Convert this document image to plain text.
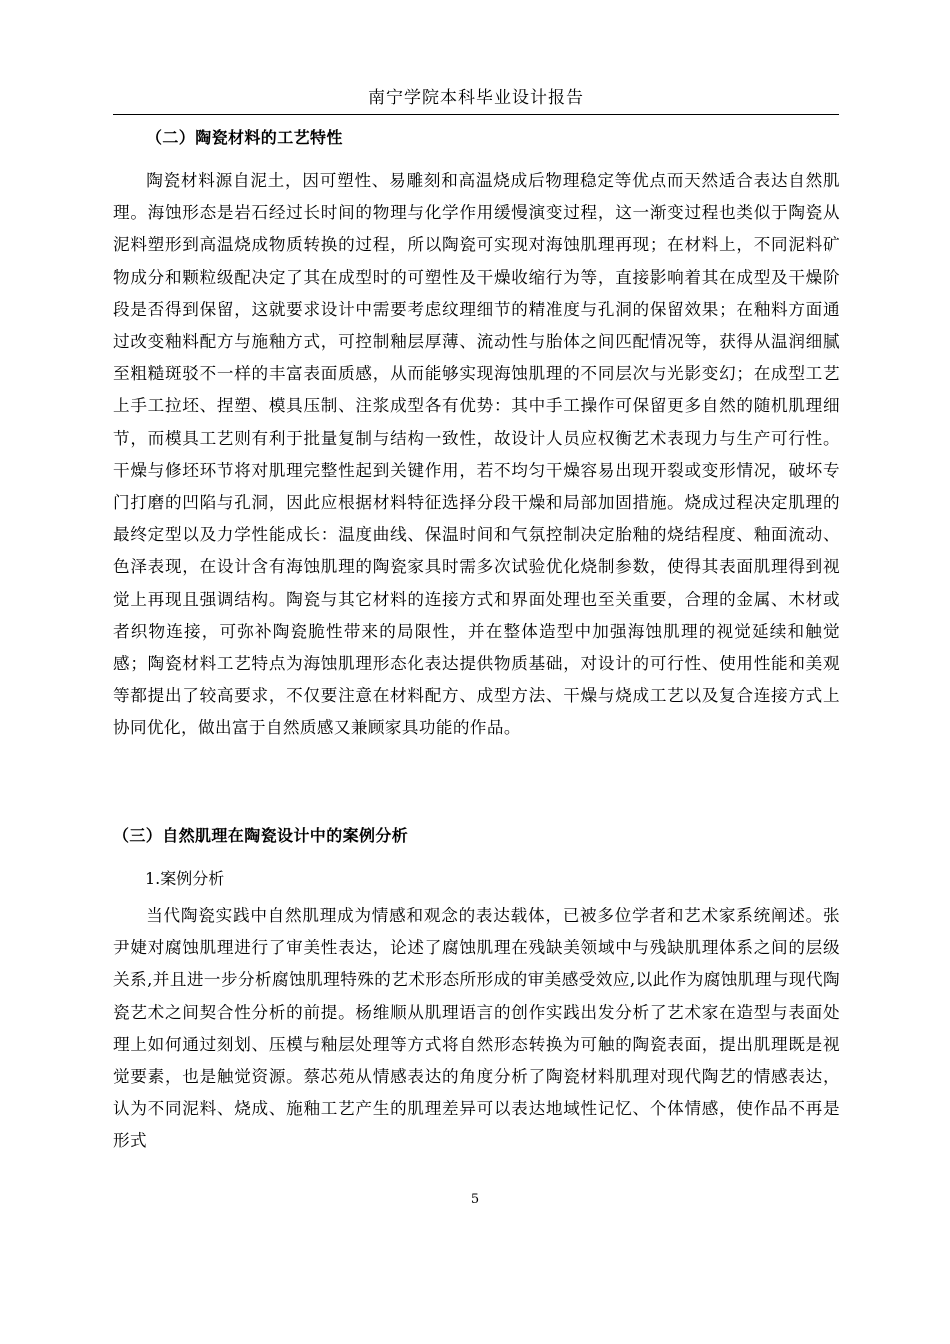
南宁学院本科毕业设计报告
（二）陶瓷材料的工艺特性

陶瓷材料源自泥土，因可塑性、易雕刻和高温烧成后物理稳定等优点而天然适合表达自然肌理。海蚀形态是岩石经过长时间的物理与化学作用缓慢演变过程，这一渐变过程也类似于陶瓷从泥料塑形到高温烧成物质转换的过程，所以陶瓷可实现对海蚀肌理再现；在材料上，不同泥料矿物成分和颗粒级配决定了其在成型时的可塑性及干燥收缩行为等，直接影响着其在成型及干燥阶段是否得到保留，这就要求设计中需要考虑纹理细节的精准度与孔洞的保留效果；在釉料方面通过改变釉料配方与施釉方式，可控制釉层厚薄、流动性与胎体之间匹配情况等，获得从温润细腻至粗糙斑驳不一样的丰富表面质感，从而能够实现海蚀肌理的不同层次与光影变幻；在成型工艺上手工拉坯、捏塑、模具压制、注浆成型各有优势：其中手工操作可保留更多自然的随机肌理细节，而模具工艺则有利于批量复制与结构一致性，故设计人员应权衡艺术表现力与生产可行性。干燥与修坯环节将对肌理完整性起到关键作用，若不均匀干燥容易出现开裂或变形情况，破坏专门打磨的凹陷与孔洞，因此应根据材料特征选择分段干燥和局部加固措施。烧成过程决定肌理的最终定型以及力学性能成长：温度曲线、保温时间和气氛控制决定胎釉的烧结程度、釉面流动、色泽表现，在设计含有海蚀肌理的陶瓷家具时需多次试验优化烧制参数，使得其表面肌理得到视觉上再现且强调结构。陶瓷与其它材料的连接方式和界面处理也至关重要，合理的金属、木材或者织物连接，可弥补陶瓷脆性带来的局限性，并在整体造型中加强海蚀肌理的视觉延续和触觉感；陶瓷材料工艺特点为海蚀肌理形态化表达提供物质基础，对设计的可行性、使用性能和美观等都提出了较高要求，不仅要注意在材料配方、成型方法、干燥与烧成工艺以及复合连接方式上协同优化，做出富于自然质感又兼顾家具功能的作品。

（三）自然肌理在陶瓷设计中的案例分析
1.案例分析

当代陶瓷实践中自然肌理成为情感和观念的表达载体，已被多位学者和艺术家系统阐述。张尹婕对腐蚀肌理进行了审美性表达，论述了腐蚀肌理在残缺美领域中与残缺肌理体系之间的层级关系,并且进一步分析腐蚀肌理特殊的艺术形态所形成的审美感受效应,以此作为腐蚀肌理与现代陶瓷艺术之间契合性分析的前提。杨维顺从肌理语言的创作实践出发分析了艺术家在造型与表面处理上如何通过刻划、压模与釉层处理等方式将自然形态转换为可触的陶瓷表面，提出肌理既是视觉要素，也是触觉资源。蔡芯苑从情感表达的角度分析了陶瓷材料肌理对现代陶艺的情感表达，认为不同泥料、烧成、施釉工艺产生的肌理差异可以表达地域性记忆、个体情感，使作品不再是形式

5
